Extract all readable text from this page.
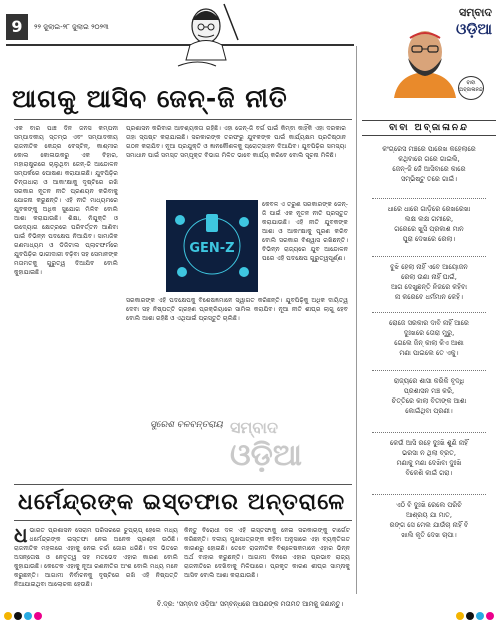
9	୨୨ ଜୁଲାଇ-୨୮ ଜୁଲାଇ ୨୦୨୩
ସମ୍ବାଦ
ଓଡ଼ିଆ
ଆଗକୁ ଆସିବ ଜେନ୍-ଜି ନୀତି

ଏକ ବାର ପାଞ୍ଚ ଦିନ ଜନସ କମ୍ପନୀ ସମ୍ପାଦକୀୟ ସ୍ତମ୍ଭ ଏବଂ ସମ୍ପାଦକୀୟ ରାଜନୀତିକ କେନ୍ଦ୍ର ବେସ୍ଟିନ୍, କାଶ୍ମୀର କୋଲ କୋଳାଉକରୁ ଏକ ବିହାର, ମହାରାଷ୍ଟ୍ରରେ ଚାଲୁଥିବା ଜେନ୍-ଜି ଆନ୍ଦୋଳନ ସମ୍ପର୍କରେ ଘୋଷଣା କରାଯାଇଛି। ଯୁବପିଢ଼ିର ଚିନ୍ତାଧାରା ଓ ଆକାଂକ୍ଷାକୁ ଦୃଷ୍ଟିରେ ରଖି ସରକାର ନୂତନ ନୀତି ପ୍ରଣୟନ କରିବାକୁ ଯୋଜନା କରୁଛନ୍ତି। ଏହି ନୀତି ମାଧ୍ୟମରେ ଯୁବକଙ୍କୁ ଅଧିକ ସୁଯୋଗ ମିଳିବ ବୋଲି ଆଶା କରାଯାଉଛି। ଶିକ୍ଷା, ନିଯୁକ୍ତି ଓ ଉଦ୍ୟୋଗ କ୍ଷେତ୍ରରେ ପରିବର୍ତ୍ତନ ଆଣିବା ପାଇଁ ବିଭିନ୍ନ ପଦକ୍ଷେପ ନିଆଯିବ। ସାମାଜିକ ଗଣମାଧ୍ୟମ ଓ ଡିଜିଟାଲ ପ୍ଲାଟଫର୍ମରେ ଯୁବପିଢ଼ିର ଭାଗୀଦାରୀ ବଢ଼ିବା ସହ ସେମାନଙ୍କ ମତାମତକୁ ଗୁରୁତ୍ୱ ଦିଆଯିବ ବୋଲି କୁହାଯାଇଛି।

ପ୍ରଶାସନ କରିବାର ଆବଶ୍ୟକତା ରହିଛି। ଏହା ଜେନ୍-ଜି ବର୍ଗ ପାଇଁ କିମ୍ବା କାହିଁକି ଏହା ଦରକାର ତାହା ସ୍ପଷ୍ଟ କରାଯାଇଛି। ସରକାରଙ୍କ ତରଫରୁ ଯୁବକଙ୍କ ପାଇଁ କାର୍ଯ୍ୟକ୍ଷମ ପ୍ରତିଷ୍ଠାନ ଗଠନ କରାଯିବ। ନୂଆ ପ୍ରଯୁକ୍ତି ଓ ଜ୍ଞାନକୌଶଳକୁ ପ୍ରୋତ୍ସାହନ ଦିଆଯିବ। ଯୁବପିଢ଼ିର ସମସ୍ୟା ସମାଧାନ ପାଇଁ ସମସ୍ତ ସମ୍ପୃକ୍ତ ବିଭାଗ ମିଳିତ ଭାବେ କାର୍ଯ୍ୟ କରିବେ ବୋଲି ସୂଚନା ମିଳିଛି।

GEN-Z

କେବଳ ଏ ତରୁଣ ସରକାରଙ୍କ ଜେନ୍-ଜି ପାଇଁ ଏକ ନୂତନ ନୀତି ପ୍ରସ୍ତୁତ କରାଯାଉଛି। ଏହି ନୀତି ଯୁବକଙ୍କ ଆଶା ଓ ଆକାଂକ୍ଷାକୁ ପୂରଣ କରିବ ବୋଲି ସରକାର ବିଶ୍ୱାସ ରଖିଛନ୍ତି। ବିଭିନ୍ନ ରାଜ୍ୟରେ ଯୁବ ଆନ୍ଦୋଳନ ପରେ ଏହି ପଦକ୍ଷେପ ଗୁରୁତ୍ୱପୂର୍ଣ୍ଣ।

ସରକାରଙ୍କ ଏହି ପଦକ୍ଷେପକୁ ବିଶେଷଜ୍ଞମାନେ ସ୍ୱାଗତ କରିଛନ୍ତି। ଯୁବପିଢ଼ିକୁ ଅଧିକ ଦାୟିତ୍ୱ ଦେବା ସହ ନିଷ୍ପତ୍ତି ଗ୍ରହଣ ପ୍ରକ୍ରିୟାରେ ସାମିଲ କରାଯିବ। ନୂଆ ନୀତି ଶୀଘ୍ର ଲାଗୁ ହେବ ବୋଲି ଆଶା ରହିଛି ଓ ଏଥିପାଇଁ ପ୍ରସ୍ତୁତି ଚାଲିଛି।

ସୁରେଶ ବଳବନ୍ତରାୟ ସମ୍ବାଦ
ଓଡ଼ିଆ
ଧର୍ମେନ୍ଦ୍ରଙ୍କ ଇସ୍ତଫାର ଅନ୍ତରାଳେ
ଧ ଭାରତ ପ୍ରଶାସନ ସେରାମ ପରିସରରେ ଚୁପ୍‌ଚାପ୍ ହେଲେ ମଧ୍ୟ ଧର୍ମେନ୍ଦ୍ରଙ୍କ ଇସ୍ତଫା ନେଇ ଅନେକ ପ୍ରଶ୍ନ ଉଠିଛି। ରାଜନୀତିକ ମହଲରେ ଏହାକୁ ନେଇ ଚର୍ଚ୍ଚା ଜୋର ଧରିଛି। ଦଳ ଭିତରେ ଅସନ୍ତୋଷ ଓ ନେତୃତ୍ୱ ସହ ମତଭେଦ ଏହାର କାରଣ ବୋଲି କୁହାଯାଉଛି। କେତେକ ଏହାକୁ ନୂଆ ରଣନୀତିର ଅଂଶ ବୋଲି ମଧ୍ୟ ମନେ କରୁଛନ୍ତି। ଆଗାମୀ ନିର୍ବାଚନକୁ ଦୃଷ୍ଟିରେ ରଖି ଏହି ନିଷ୍ପତ୍ତି ନିଆଯାଇଥିବା ଆଲୋଚନା ହେଉଛି।

କିନ୍ତୁ ବିରୋଧୀ ଦଳ ଏହି ଇସ୍ତଫାକୁ ନେଇ ସରକାରଙ୍କୁ ଟାର୍ଗେଟ କରିଛନ୍ତି। ଦଳୀୟ ମୁଖପାତ୍ରଙ୍କ କହିବା ଅନୁସାରେ ଏହା ବ୍ୟକ୍ତିଗତ କାରଣରୁ ହୋଇଛି। ତେବେ ରାଜନୀତିକ ବିଶ୍ଳେଷକମାନେ ଏହାର ଭିନ୍ନ ଅର୍ଥ ବାହାର କରୁଛନ୍ତି। ଆଗାମୀ ଦିନରେ ଏହାର ପ୍ରଭାବ ରାଜ୍ୟ ରାଜନୀତିରେ ଦେଖିବାକୁ ମିଳିପାରେ। ପ୍ରକୃତ କାରଣ ଶୀଘ୍ର ସାମ୍ନାକୁ ଆସିବ ବୋଲି ଆଶା କରାଯାଉଛି।

ବାବା ଅବ୍ଜାଳାନନ୍ଦ
ବାବା ଅବ୍ଜାଳାନନ୍ଦ
କଂଗ୍ରେସ ମଞ୍ଚରେ ପାରେଖ କହେଲାରେ
କଥିବାରେ ଗରେ ଗାଇଲି,
ଜେନ୍-ଜି ଜେଁ ଆସିବାରେ କାରେ
ସମ୍ଭିଷ୍ଟୁ ତରେ ଗାଇଁ।
ଧାରେ ଧାରେ ଗାଡ଼ିରେ ରେଖରେଖା
ଲକ୍ଷ ଲକ୍ଷ ଗମୀରେ,
ଗରେରେ ଖୁସି ପ୍ରକାଶ ମାନ
ପୁରା ଦେଖରେ ରେଲା।
ବୁଝି ହେଲା ନାହିଁ ଏବେ ଆୟୋଜନ
ରେଲା ଉଣା ନାହିଁ ଘାଇଁ,
ଆଗ ଦେଖୁଛନ୍ତି ନିଜରେ କହିବା
ନା କରେବେ ଧର୍ମମାନ କେହି।
ରୋଜେ ସରକାର ଦାବି ନାହିଁ ଆରେ
ଦୁଃଖରେ ତୋରା ମୁରୁ,
ଗେଲେ ଜିନ୍ କାଲା କିଏ ଆଶା
ମଣା ପାଇଲେ ତେ ଏକୁ।
ରାଜ୍ୟରେ ଶାସା କରିକି ବୃଦ୍ଧି
ପ୍ରଶାସନ ମଞ୍ଚ କରି,
ଚିତ୍ତିରେ କାଲା ବିତୀଙ୍କ ଆଶା
କୋଇଁଥିବା ପ୍ରଣୀ।
କେଉଁ ଆସି ରହେ ଦୁଃଖି ଶୁଣି ନାହିଁ
ଭରସା ନ ଥିଲା ବ୍ରତ,
ମଣାକୁ ମଣା ଦେଖିବା ଦୁଃଖି
ବିକେଶି କାଇଁ ଗରା।
ଏଠି ବି ଦୁଃଖି ରେଲେ ପରିଚି
ଆଶ୍ରୟ ଯା ମାତ,
ରଙ୍ଗ ସେ ମେଲ ଯାଉଁଚା ନାହିଁ ବି
ଖାଲି କୃତି ଦେଖ ଚାପା।
ବି.ଦ୍ର: 'ସମ୍ବାଦ ଓଡ଼ିଆ' ସମ୍ବନ୍ଧରେ ଆପଣଙ୍କ ମତାମତ ଆମକୁ ଜଣାନ୍ତୁ।
